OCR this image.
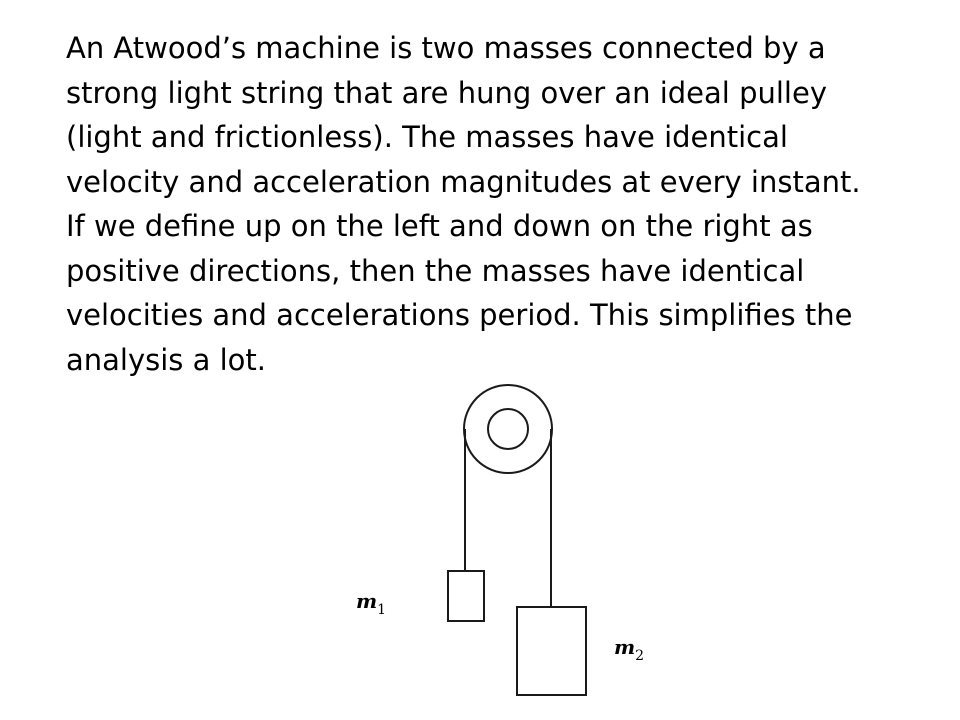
An Atwood’s machine is two masses connected by a
strong light string that are hung over an ideal pulley
(light and frictionless). The masses have identical
velocity and acceleration magnitudes at every instant.
If we define up on the left and down on the right as
positive directions, then the masses have identical
velocities and accelerations period. This simplifies the
analysis a lot.

$m_1$
$m_2$
